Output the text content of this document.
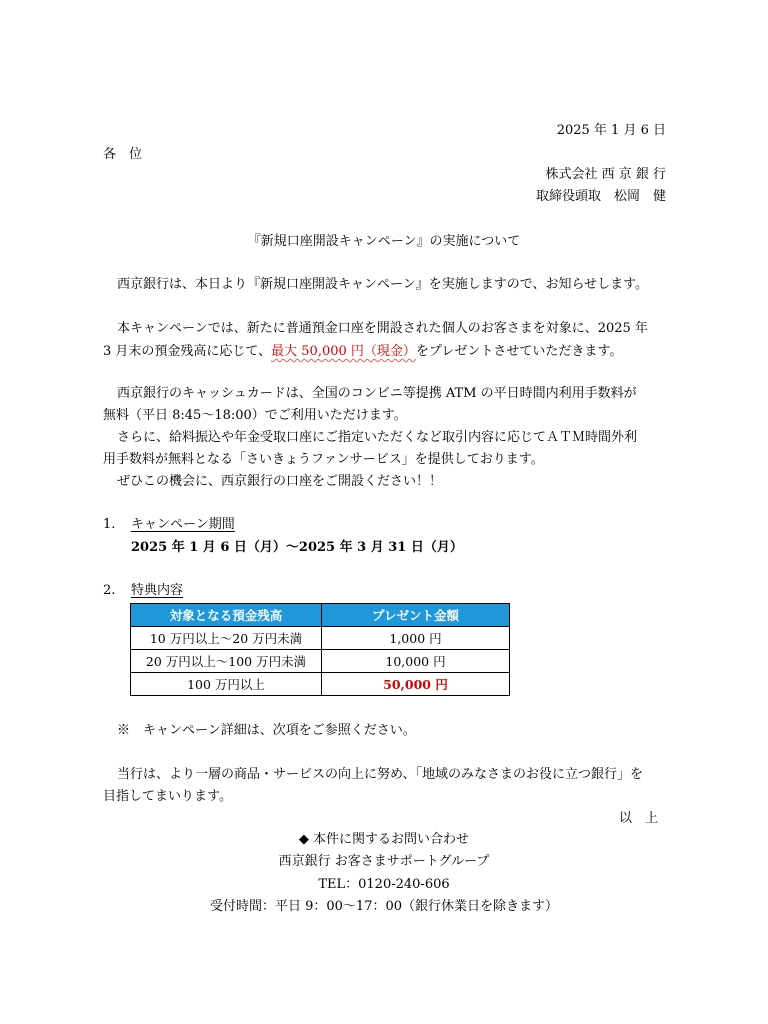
2025 年 1 月 6 日

各　位

株式会社 西 京 銀 行

取締役頭取　松岡　健

『新規口座開設キャンペーン』の実施について

西京銀行は、本日より『新規口座開設キャンペーン』を実施しますので、お知らせします。

本キャンペーンでは、新たに普通預金口座を開設された個人のお客さまを対象に、2025 年

3 月末の預金残高に応じて、最大 50,000 円（現金）をプレゼントさせていただきます。

西京銀行のキャッシュカードは、全国のコンビニ等提携 ATM の平日時間内利用手数料が

無料（平日 8:45～18:00）でご利用いただけます。

さらに、給料振込や年金受取口座にご指定いただくなど取引内容に応じてＡＴＭ時間外利

用手数料が無料となる「さいきょうファンサービス」を提供しております。

ぜひこの機会に、西京銀行の口座をご開設ください！！

1. キャンペーン期間

2025 年 1 月 6 日（月）～2025 年 3 月 31 日（月）

2. 特典内容

対象となる預金残高	プレゼント金額
10 万円以上～20 万円未満	1,000 円
20 万円以上～100 万円未満	10,000 円
100 万円以上	50,000 円

※　キャンペーン詳細は、次項をご参照ください。

当行は、より一層の商品・サービスの向上に努め、「地域のみなさまのお役に立つ銀行」を

目指してまいります。

以　上

◆ 本件に関するお問い合わせ

西京銀行 お客さまサポートグループ

TEL：0120-240-606

受付時間：平日 9：00～17：00（銀行休業日を除きます）
